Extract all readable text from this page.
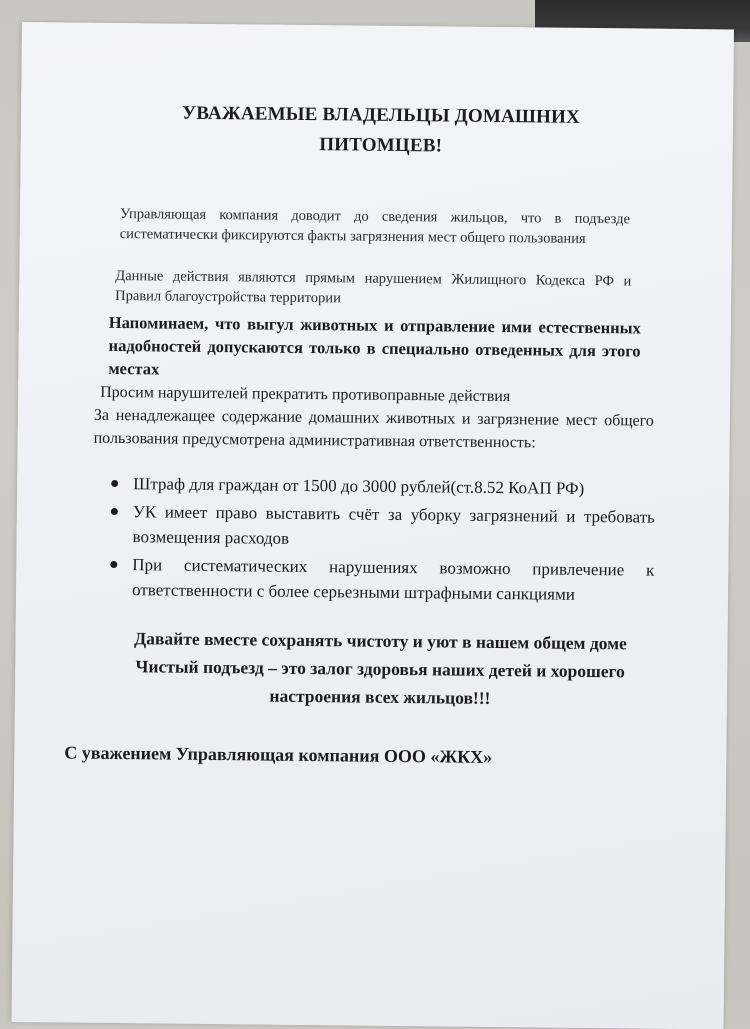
УВАЖАЕМЫЕ ВЛАДЕЛЬЦЫ ДОМАШНИХ
ПИТОМЦЕВ!
Управляющая компания доводит до сведения жильцов, что в подъезде систематически фиксируются факты загрязнения мест общего пользования
Данные действия являются прямым нарушением Жилищного Кодекса РФ и Правил благоустройства территории
Напоминаем, что выгул животных и отправление ими естественных надобностей допускаются только в специально отведенных для этого местах
Просим нарушителей прекратить противоправные действия
За ненадлежащее содержание домашних животных и загрязнение мест общего пользования предусмотрена административная ответственность:
Штраф для граждан от 1500 до 3000 рублей(ст.8.52 КоАП РФ)
УК имеет право выставить счёт за уборку загрязнений и требовать возмещения расходов
При систематических нарушениях возможно привлечение к ответственности с более серьезными штрафными санкциями
Давайте вместе сохранять чистоту и уют в нашем общем доме
Чистый подъезд – это залог здоровья наших детей и хорошего
настроения всех жильцов!!!
С уважением Управляющая компания ООО «ЖКХ»
